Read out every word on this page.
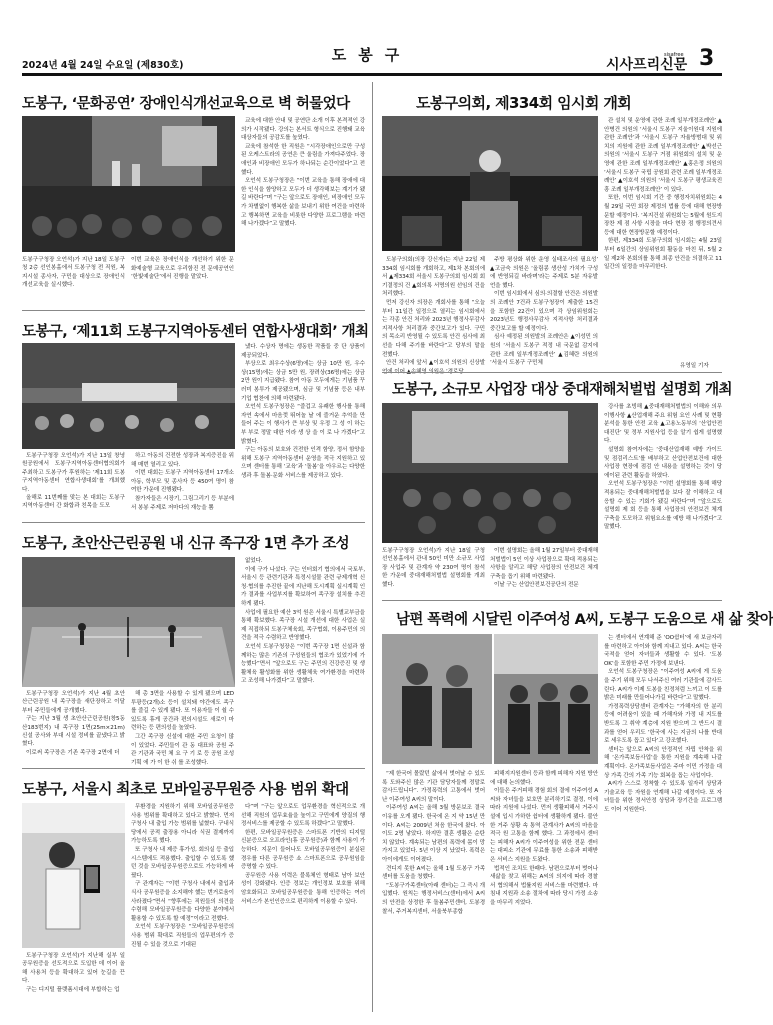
도봉구
2024년 4월 24일 수요일 (제830호)	시사프리신문
sisafree 3
도봉구, ‘문화공연’ 장애인식개선교육으로 벽 허물었다
도봉구구청장 오언석)가 지난 18일 도봉구청 2층 선인봉홀에서 도봉구청 전 직원, 복지시설 종사자, 구민을 대상으로 장애인식개선교육을 실시했다.
이번 교육은 장애인식을 개선하기 위한 문화예술형 교육으로 우리함진 전 문예공연인 ‘한빛예술단’에서 진행을 맡았다.

교육에 대한 안내 및 공연단 소개 이후 본격적인 강의가 시작됐다. 강의는 본서트 형식으로 진행돼 교육 대상자들의 공감도를 높였다.

교육에 참석한 한 직원은 “시각장애인으로만 구성된 오케스트라의 공연은 큰 울림을 가져다주었다. 장애인과 비장애인 모두가 하나되는 순간이었다”고 전했다.

오언석 도봉구청장은 “이번 교육을 통해 장애에 대한 인식을 함양하고 모두가 더 생각해보는 계기가 됐길 바란다”며 “구는 앞으로도 장애인, 비장애인 모두가 차별없이 행복한 삶을 보내기 위한 여건을 마련하고 행복하면 교육을 비롯한 다양한 프로그램을 마련해 나가겠다”고 말했다.

도봉구의회, 제334회 임시회 개회

도봉구의회(의장 강신자)는 지난 22일 제334회 임시회를 개회하고, 제1차 본회의에서 ▲제334회 서울시 도봉구의회 임시회 회기결정의 건 ▲회의록 서명의원 선임의 건을 처리했다.

먼저 강신자 의장은 개회사를 통해 “오늘부터 11일간 일정으로 열리는 임시회에서는 각종 안건 처리와 2023년 행정사무감사 지적사항 처리결과 중간보고가 있다. 구민의 목소리 반영될 수 있도록 안건 심사에 최선을 다해 주기를 바란다”고 당부의 말을 전했다.

안건 처리에 앞서 ▲이호석 의원의 신상발

주방 평상화 위한 운영 실태조사의 필요성’ ▲고금숙 의원은 ‘올림콩 생산성 가치가 구성에 반영되길 바라며’라는 주제로 5분 자유발언을 했다.

이번 임시회에서 심의·의결할 안건은 의원발의 조례안 7건과 도봉구청장이 제출한 15건을 포함한 22건이 있으며 각 상임위원회는 2023년도 행정사무감사 지적사항 처리결과 중간보고를 할 예정이다.

심사 예정된 의원발의 조례안은 ▲이성민 의원의 ‘서울시 도봉구 적정 내 국문없 감지에 관한 조례 일부개정조례안’ ▲김혜란 의원의 ‘서울시 도봉구 구민체

관 설치 및 운영에 관한 조례 일부개정조례안’ ▲안병건 의원의 ‘서울시 도봉구 지울이원대 지원에 관한 조례안’과 ‘서울시 도봉구 자율방범대 및 위치의 지원에 관한 조례 일부개정조례안’ ▲박선근 의원의 ‘서울시 도봉구 거점 위원회의 설치 및 운영에 관한 조례 일부개정조례안’ ▲홍은정 의원의 ‘서울시 도봉구 국립 공원회 관련 조례 일부개정조례안’ ▲이호석 의원의 ‘서울시 도봉구 평생교육진흥 조례 일부개정조례안’ 이 있다.

또한, 이번 임시회 기간 중 행정자치위원회는 4월 29일 국민 회장 제정의 법률 등에 대해 현장방문할 예정이다. ‘복지건설 위원회’는 5월에 원도지 장찬 제 점 사항 시장을 마다 현장 점 행정의견서 등에 대한 현장방문할 예정이다.

한편, 제334회 도봉구의회 임시회는 4월 23일부터 6일간의 상임위원회 활동을 마친 뒤, 5월 2일 제2차 본회의를 통해 최종 안건을 의결하고 11일간의 일정을 마무리한다.

유영일 기자
도봉구, ‘제11회 도봉구지역아동센터 연합사생대회’ 개최

도봉구구청장 오언석)가 지난 13일 창녕원공원에서 도봉구지역아동센터협의회가 주최하고 도봉구가 후원하는 ‘제11회 도봉구지역아동센터 연합사생대회’를 개최했다.

올해로 11번째를 맞는 본 대회는 도봉구 지역아동센터 간 화합과 친목을 도모

하고 아동의 건전한 성장과 복지증진을 위해 매번 열리고 있다.

이번 대회는 도봉구 지역아동센터 17개소 아동, 학부모 및 종사자 등 450여 명이 참여한 가운데 진행됐다.

참가자들은 시장기, 그림그리기 등 부분에서 봉봉 주제로 저마다의 재능을 뽐

냈다. 수상자 명에는 생동한 작품들 중 단 상품이 제공되었다.

부상으로 최우수상(6명)에는 상금 10만 원, 우수상(15명)에는 상금 5만 원, 장려상(36명)에는 상금 2만 원이 지급됐다. 참여 아동 모두에게는 기념품 꾸러미 봉투가 제공됐으며, 심금 및 기념품 등은 내부기업 협찬에 의해 마련됐다.

오언석 도봉구청장은 “즐겁고 유쾌한 행사를 통해 자연 속에서 마음껏 뛰어놀 날 에 즐거운 추억을 만들어 주는 이 행사가 큰 부상 및 우정 그 성 이 하는 부 부로 정말 대한 이라 생 상 을 이 로 나 가겠다”고 밝혔다.

구는 아동의 보호와 건전한 인격 함양, 정서 함양을 위해 도봉구 지역아동센터 운영을 적극 지원하고 있으며 센터를 통해 ‘교육’과 ‘돌봄’을 아우르는 다양한 생과 후 돌봄·문화 서비스를 제공하고 있다.

도봉구, 소규모 사업장 대상 중대재해처벌법 설명회 개최
도봉구구청장 오언석)가 지난 18일 구청 선인봉홀에서 관내 50인 미만 소규모 사업장 사업주 및 관계자 약 230여 명이 참석한 가운데 중대재해처벌법 설명회를 개최했다.

이번 설명회는 올해 1월 27일부터 중대재해처벌법이 5인 이상 사업장으로 확대 적용되는 사항을 알리고 해당 사업장의 안전보건 체계 구축을 돕기 위해 마련됐다.

이날 구는 산업안전보건공단의 전문

강사를 초빙해 ▲중대재해처벌법의 이해와 의무 이행사항 ▲산업재해 주요 위험 요인 사례 및 현황 분석을 통한 안전 교육 ▲고용노동부의 ‘산업안전 대진단’ 및 정부 지원사업 등을 알기 쉽게 설명했다.

설명회 참여자에는 ‘중대산업재해 예방 가이드 및 점검리스트’를 배부하고 산업안전보건에 대한 사업장 현장에 점검 안 내용을 설명하는 것이 당 에이된 관련 활동을 하였다.

오언석 도봉구청장은 “이번 설명회를 통해 해당 적용되는 중대재해처벌법을 보다 잘 이해하고 대응할 수 있는 기회가 됐길 바란다”며 “앞으로도 설명회 제 회 등을 통해 사업장의 안전보건 체계 구축을 도모하고 위험요소를 예방 해 나가겠다”고 말했다.

도봉구, 초안산근린공원 내 신규 족구장 1면 추가 조성

도봉구구청장 오언석)가 지난 4월 초안산근린공원 내 족구장을 새단장하고 이달부터 주민들에게 공개했다.

구는 지난 3월 생 초안산근린공원(창5동 산183번지) 내 족구장 1면(25m×21m) 신설 공사와 부대 시설 정비를 끝냈다고 밝혔다.

이로써 족구장은 기존 족구장 2면에 더

해 총 3면을 사용할 수 있게 됐으며 LED 투광등(2개)소 등이 설치돼 야간에도 족구를 즐길 수 있게 됐다. 또 이용자들 이 쉴 수 있도록 휴게 공간과 편의시설도 새로이 마련하는 등 편의성을 높였다.

그간 족구장 신설에 대한 주민 요청이 많이 있었다. 주민들이 관 동 대표와 공원 주 관 기관과 국민 체 요 구 기 로 등 공원 조성 기획 에 가 이 한 쉬 를 조성했다.

없었다.

이에 구가 나섰다. 구는 인터회기 협의에서 국토부, 서울시 등 관련기관과 특정시설물 관련 규제개혁 신청·협의를 추진한 끝에 지난해 도시계획 실시계획 인가 결과를 사업부지를 확보하여 족구장 설치를 추진하게 됐다.

사업에 필요한 예산 3억 원은 서울시 특별교부금을 통해 확보했다. 족구장 시설 개선에 대한 사업은 실제 직접하되 도봉구체육회, 족구협회, 이용주민의 의견을 적극 수렴하고 반영했다.

오언석 도봉구청장은 “이번 족구장 1면 신설과 함께하는 많은 기존의 구성원들의 협조가 있었기에 가능했다”면서 “앞으로도 구는 주민의 건강증진 및 생활체육 활성화를 위한 생활체육 여가환경을 마련하고 조성해 나가겠다”고 말했다.

남편 폭력에 시달린 이주여성 A씨, 도봉구 도움으로 새 삶 찾아

“제 한국어 몰랐던 삶에서 벗어날 수 있도록 도와주신 많은 기관 담당자들께 정말로 감사드립니다”. 가정폭력의 고통에서 벗어난 이주여성 A씨의 말이다.

이주여성 A씨는 올해 3월 방문보조 결국 이유를 오게 됐다. 한국에 온 지 약 15년 만이다. A씨는 2009년 처음 한국에 왔다. 아이도 2명 낳았다. 하지만 결혼 생활은 순탄치 않았다. 계속되는 남편의 폭력에 몸이 망가지고 있었다. 5년 이상 지 났었다. 폭력은 아이에게도 이어졌다.

견디지 못한 A씨는 올해 1월 도봉구 가족센터를 도움을 청했다.

“도봉구가족센터(아래 센터)는 그 즉시 개입했다. 원칙는 행정서비스(센터)에서 A씨의 안전을 상정한 후 돌봄주민센터, 도봉경찰서, 주거복지센터, 서울북부종합

피해지지원센터 등과 함께 피해자 지원 방안에 대해 논의했다.

이들은 주거피해 경험 회의 결에 이주여성 A씨와 자녀들을 보호만 분리하기로 결정, 이에 따라 지원에 나섰다. 먼저 생활피해서 거주시설에 입시 가하한 쉼터에 생활하게 됐다. 불안한 거주 상황 속 통역 관계사가 A씨의 마음을 적극 원 고통을 함께 했다. 그 과정에서 센터는 피해자 A씨가 이주여성을 위한 전문 센터는 대피소 기관에 무료를 통한 소송과 피해받은 서비스 지원을 도왔다.

법적인 조치도 한패다. 남편으로부터 벗어나 새삶을 찾고 위해는 A씨의 의지에 따라 경찰서 협의해서 법률지원 서비스를 마련했다. 마침내 지원과 소송 절차에 따라 당시 가정 소송을 마무리 지었다.

는 센터에서 연계해 준 ‘OO쉼터’에 새 보금자리를 마련하고 아이와 함께 지내고 있다. A씨는 한국 국적을 얻어 자녀들과 생활할 수 있다. ‘도봉 OK’을 포함한 주민 가정에 보낸다.

오언석 도봉구청장은 “이주여성 A씨에 게 도움을 주기 위해 모두 나서주신 여러 기관들에 감사드린다. A씨가 이제 도봉을 친정처럼 느끼고 이 도를 밝은 미래를 만들어나가길 바란다”고 말했다.

가정폭력상담센터 관계자는 “가해자의 한 분리 등에 어려움이 있을 때 가해자와 가정 내 지도를 받도록 그 취약 계층에 지원 받으며 그 반드시 결과를 얻어 우리도 ‘한국에 사는 지금의 나를 반대로 세우도록 돕고 있다’고 강조했다.

센터는 앞으로 A씨의 안정적인 자립 안착을 위해 ‘온가족보듬사업’을 통한 지원을 계속해 나갈 계획이다. 온가족보듬사업은 주마 이민 가정을 대상 가족 간의 가족 기능 회복을 돕는 사업이다.

A씨가 스스로 정착할 수 있도록 일자리 상담과 기술교육 등 자원을 연계해 나갈 예정이다. 또 자녀들을 위한 정서안정 상담과 장기간을 프로그램도 이어 지원한다.

도봉구, 서울시 최초로 모바일공무원증 사용 범위 확대

도봉구구청장 오언석)가 지난해 실부 일공무원증을 선도적으로 도입한 데 이어 올해 사용처 등을 확대하고 있어 눈길을 끈다.

구는 디지털 플랫폼시대에 부합하는 업

무환경을 지원하기 위해 모바일공무원증 사용 범위를 확대하고 있다고 밝혔다. 먼저 구청사 내 출입 가능 범위를 넓혔다. 구내식당에서 공적 출장용 아니라 식권 결제까지 가능하도록 했다.

또 구청사 내 제증 휴가성, 회의실 등 출입시스템에도 적용했다. 출입할 수 있도록 했던 것을 모바일공무원증으로도 가능하게 바꿨다.

구 관계자는 “이번 구청사 내에서 출입과 식사 공무원증을 소지해야 했는 번거로움이 사라졌다”면서 “향후에는 직원들의 의견을 수렴해 모바일공무원증을 다양한 분야에서 활용할 수 있도록 할 예정”이라고 전했다.

오언석 도봉구청장은 “모바일공무원증의 사용 범위 확대로 직원들의 업무편의가 증진될 수 있을 것으로 기대된

다”며 “구는 앞으로도 업무환경을 혁신적으로 개선해 직원의 업무효율을 높이고 구민에게 양질의 행정서비스를 제공할 수 있도록 하겠다”고 말했다.

한편, 모바일공무원증은 스마트폰 기반의 디지털 신분증으로 오프라인(휴 공무원증)과 함께 사용이 가능하다. 지문이 들어나도 모바일공무원증이 분실된 경우를 다른 공무원증 쇼 스마트폰으로 공무원임을 증명할 수 있다.

공무원증 사용 이력은 블록체인 형태로 남아 보안성이 강화됐다. 인증 정보는 개인정보 보호를 위해 암호화되고 모바일공무원증을 통해 인증하는 여러 서비스가 본인인증으로 편리하게 이용할 수 있다.
